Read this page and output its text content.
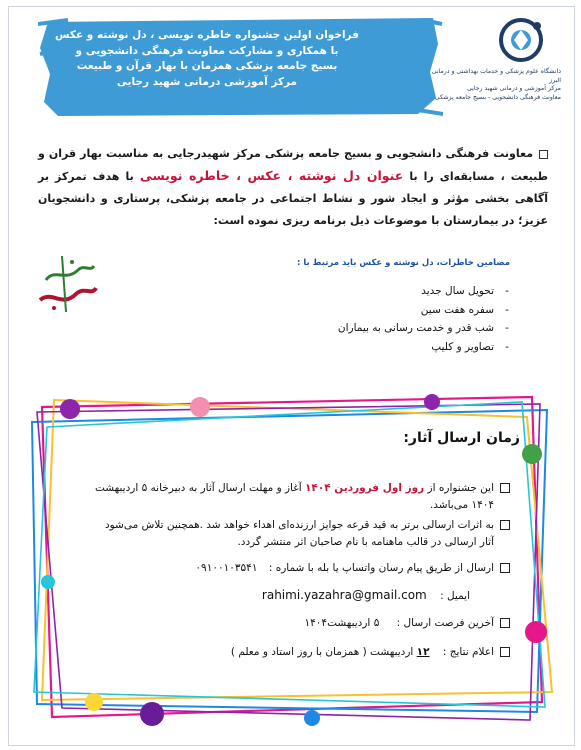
فراخوان اولین جشنواره خاطره نویسی ، دل نوشته و عکس
با همکاری و مشارکت معاونت فرهنگی دانشجویی و
بسیج جامعه پزشکی همزمان با بهار قرآن و طبیعت
مرکز آموزشی درمانی شهید رجایی
دانشگاه علوم پزشکی و خدمات بهداشتی و درمانی البرز
مرکز آموزشی و درمانی شهید رجایی
معاونت فرهنگی دانشجویی - بسیج جامعه پزشکی
معاونت فرهنگی دانشجویی و بسیج جامعه پزشکی مرکز شهیدرجایی به مناسبت بهار قران و طبیعت ، مسابقه‌ای را با عنوان دل نوشته ، عکس ، خاطره نویسی با هدف تمرکز بر آگاهی بخشی مؤثر و ایجاد شور و نشاط اجتماعی در جامعه پزشکی، پرستاری و دانشجویان عزیز؛ در بیمارستان با موضوعات ذیل برنامه ریزی نموده است:
مضامین خاطرات، دل نوشته و عکس باید مرتبط با :
- تحویل سال جدید
- سفره هفت سین
- شب قدر و خدمت رسانی به بیماران
- تصاویر و کلیپ
زمان ارسال آثار:
این جشنواره از روز اول فروردین ۱۴۰۴ آغاز و مهلت ارسال آثار به دبیرخانه ۵ اردیبهشت ۱۴۰۴ می‌باشد.
به اثرات ارسالی برتر به قید قرعه جوایز ارزنده‌ای اهداء خواهد شد .همچنین تلاش می‌شود آثار ارسالی در قالب ماهنامه با نام صاحبان اثر منتشر گردد.
ارسال از طریق پیام رسان واتساپ یا بله با شماره : ۰۹۱۰۰۱۰۳۵۴۱
ایمیل : rahimi.yazahra@gmail.com
آخرین فرصت ارسال : ۵ اردیبهشت۱۴۰۴
اعلام نتایج : ۱۲ اردیبهشت ( همزمان با روز استاد و معلم )
